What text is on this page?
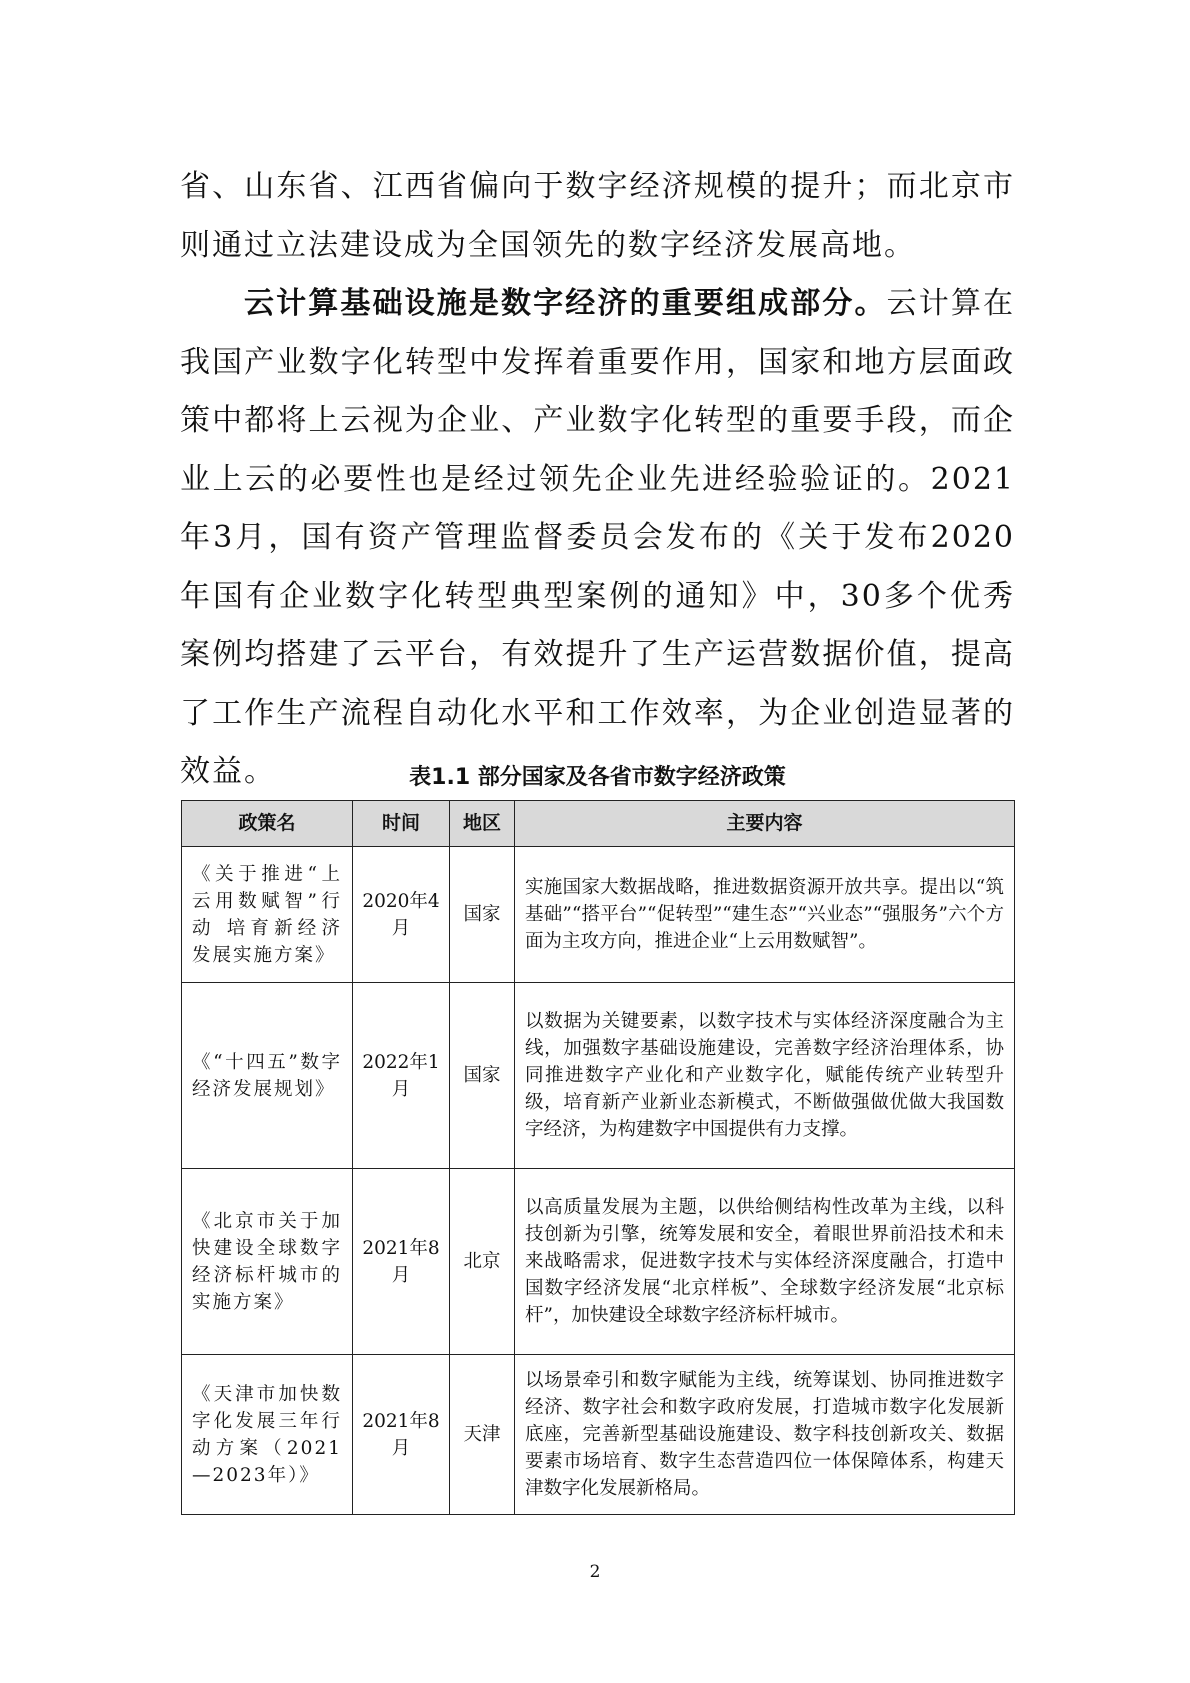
省、山东省、江西省偏向于数字经济规模的提升；而北京市则通过立法建设成为全国领先的数字经济发展高地。

云计算基础设施是数字经济的重要组成部分。云计算在我国产业数字化转型中发挥着重要作用，国家和地方层面政策中都将上云视为企业、产业数字化转型的重要手段，而企业上云的必要性也是经过领先企业先进经验验证的。2021年3月，国有资产管理监督委员会发布的《关于发布2020年国有企业数字化转型典型案例的通知》中，30多个优秀案例均搭建了云平台，有效提升了生产运营数据价值，提高了工作生产流程自动化水平和工作效率，为企业创造显著的效益。	表1.1 部分国家及各省市数字经济政策
政策名	时间	地区	主要内容
《关于推进“上云用数赋智”行动 培育新经济发展实施方案》	2020年4月	国家	实施国家大数据战略，推进数据资源开放共享。提出以“筑基础”“搭平台”“促转型”“建生态”“兴业态”“强服务”六个方面为主攻方向，推进企业“上云用数赋智”。
《“十四五”数字经济发展规划》	2022年1月	国家	以数据为关键要素，以数字技术与实体经济深度融合为主线，加强数字基础设施建设，完善数字经济治理体系，协同推进数字产业化和产业数字化，赋能传统产业转型升级，培育新产业新业态新模式，不断做强做优做大我国数字经济，为构建数字中国提供有力支撑。
《北京市关于加快建设全球数字经济标杆城市的实施方案》	2021年8月	北京	以高质量发展为主题，以供给侧结构性改革为主线，以科技创新为引擎，统筹发展和安全，着眼世界前沿技术和未来战略需求，促进数字技术与实体经济深度融合，打造中国数字经济发展“北京样板”、全球数字经济发展“北京标杆”，加快建设全球数字经济标杆城市。
《天津市加快数字化发展三年行动方案（2021—2023年）》	2021年8月	天津	以场景牵引和数字赋能为主线，统筹谋划、协同推进数字经济、数字社会和数字政府发展，打造城市数字化发展新底座，完善新型基础设施建设、数字科技创新攻关、数据要素市场培育、数字生态营造四位一体保障体系，构建天津数字化发展新格局。
2
